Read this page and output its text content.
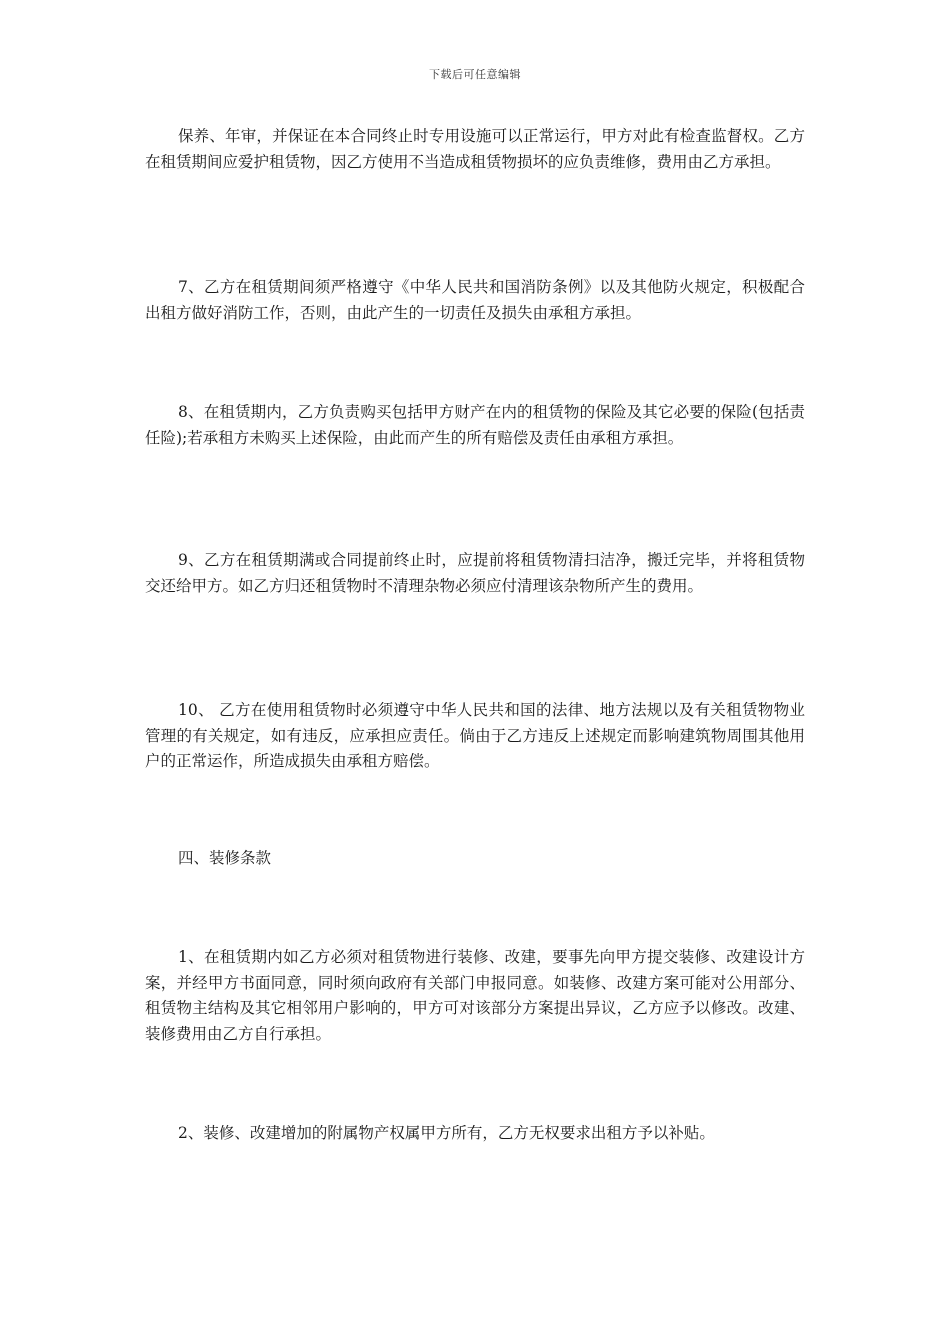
下载后可任意编辑

保养、年审，并保证在本合同终止时专用设施可以正常运行，甲方对此有检查监督权。乙方在租赁期间应爱护租赁物，因乙方使用不当造成租赁物损坏的应负责维修，费用由乙方承担。

7、乙方在租赁期间须严格遵守《中华人民共和国消防条例》以及其他防火规定，积极配合出租方做好消防工作，否则，由此产生的一切责任及损失由承租方承担。

8、在租赁期内，乙方负责购买包括甲方财产在内的租赁物的保险及其它必要的保险(包括责任险);若承租方未购买上述保险，由此而产生的所有赔偿及责任由承租方承担。

9、乙方在租赁期满或合同提前终止时，应提前将租赁物清扫洁净，搬迁完毕，并将租赁物交还给甲方。如乙方归还租赁物时不清理杂物必须应付清理该杂物所产生的费用。

10、 乙方在使用租赁物时必须遵守中华人民共和国的法律、地方法规以及有关租赁物物业管理的有关规定，如有违反，应承担应责任。倘由于乙方违反上述规定而影响建筑物周围其他用户的正常运作，所造成损失由承租方赔偿。

四、装修条款

1、在租赁期内如乙方必须对租赁物进行装修、改建，要事先向甲方提交装修、改建设计方案，并经甲方书面同意，同时须向政府有关部门申报同意。如装修、改建方案可能对公用部分、租赁物主结构及其它相邻用户影响的，甲方可对该部分方案提出异议，乙方应予以修改。改建、装修费用由乙方自行承担。

2、装修、改建增加的附属物产权属甲方所有，乙方无权要求出租方予以补贴。
